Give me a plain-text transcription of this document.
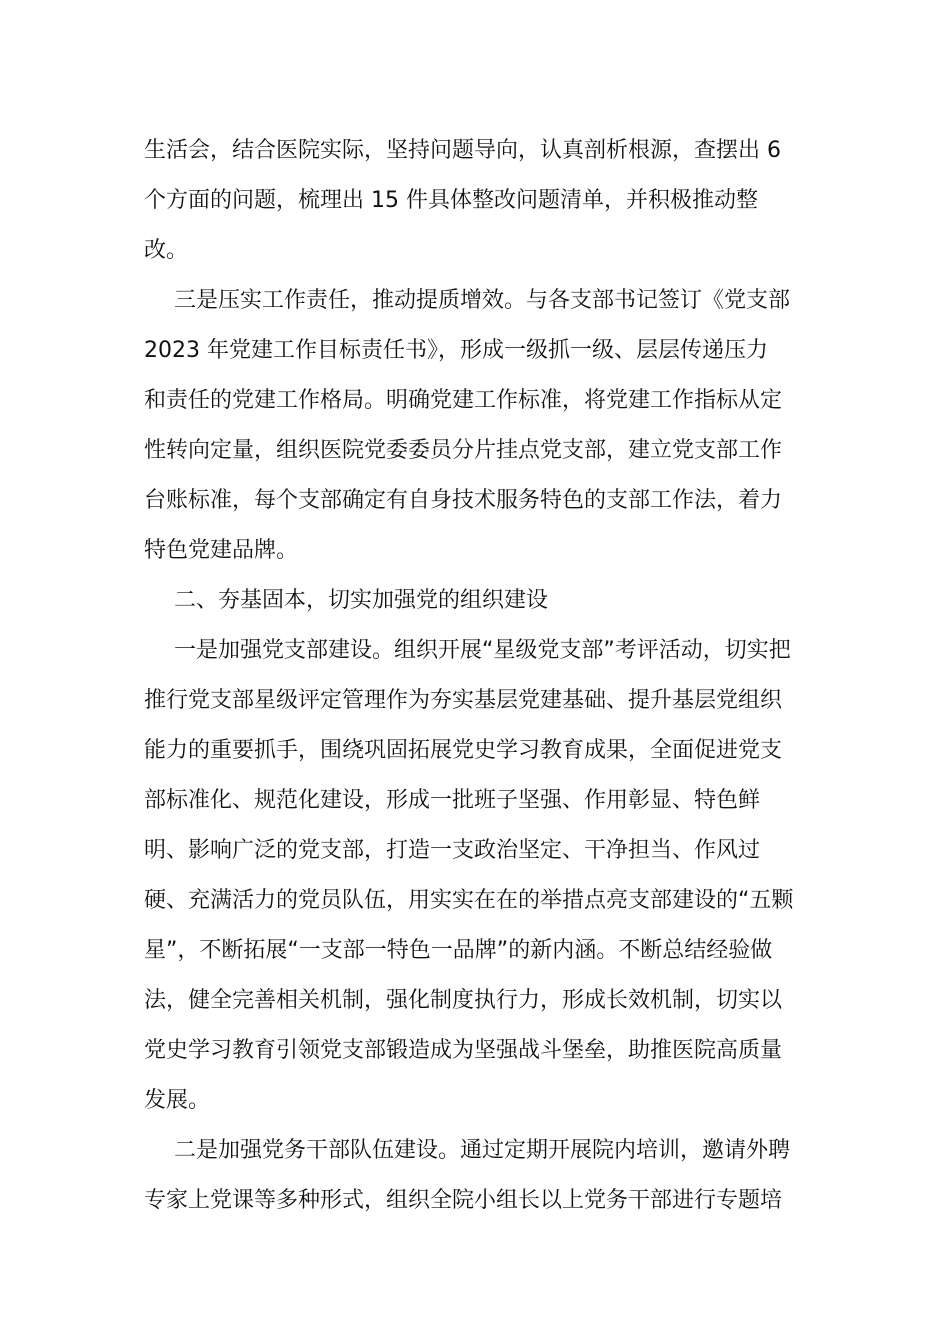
生活会，结合医院实际，坚持问题导向，认真剖析根源，查摆出 6
个方面的问题，梳理出 15 件具体整改问题清单，并积极推动整
改。
三是压实工作责任，推动提质增效。与各支部书记签订《党支部
2023 年党建工作目标责任书》，形成一级抓一级、层层传递压力
和责任的党建工作格局。明确党建工作标准，将党建工作指标从定
性转向定量，组织医院党委委员分片挂点党支部，建立党支部工作
台账标准，每个支部确定有自身技术服务特色的支部工作法，着力
特色党建品牌。
二、夯基固本，切实加强党的组织建设
一是加强党支部建设。组织开展“星级党支部”考评活动，切实把
推行党支部星级评定管理作为夯实基层党建基础、提升基层党组织
能力的重要抓手，围绕巩固拓展党史学习教育成果，全面促进党支
部标准化、规范化建设，形成一批班子坚强、作用彰显、特色鲜
明、影响广泛的党支部，打造一支政治坚定、干净担当、作风过
硬、充满活力的党员队伍，用实实在在的举措点亮支部建设的“五颗
星”，不断拓展“一支部一特色一品牌”的新内涵。不断总结经验做
法，健全完善相关机制，强化制度执行力，形成长效机制，切实以
党史学习教育引领党支部锻造成为坚强战斗堡垒，助推医院高质量
发展。
二是加强党务干部队伍建设。通过定期开展院内培训，邀请外聘
专家上党课等多种形式，组织全院小组长以上党务干部进行专题培
